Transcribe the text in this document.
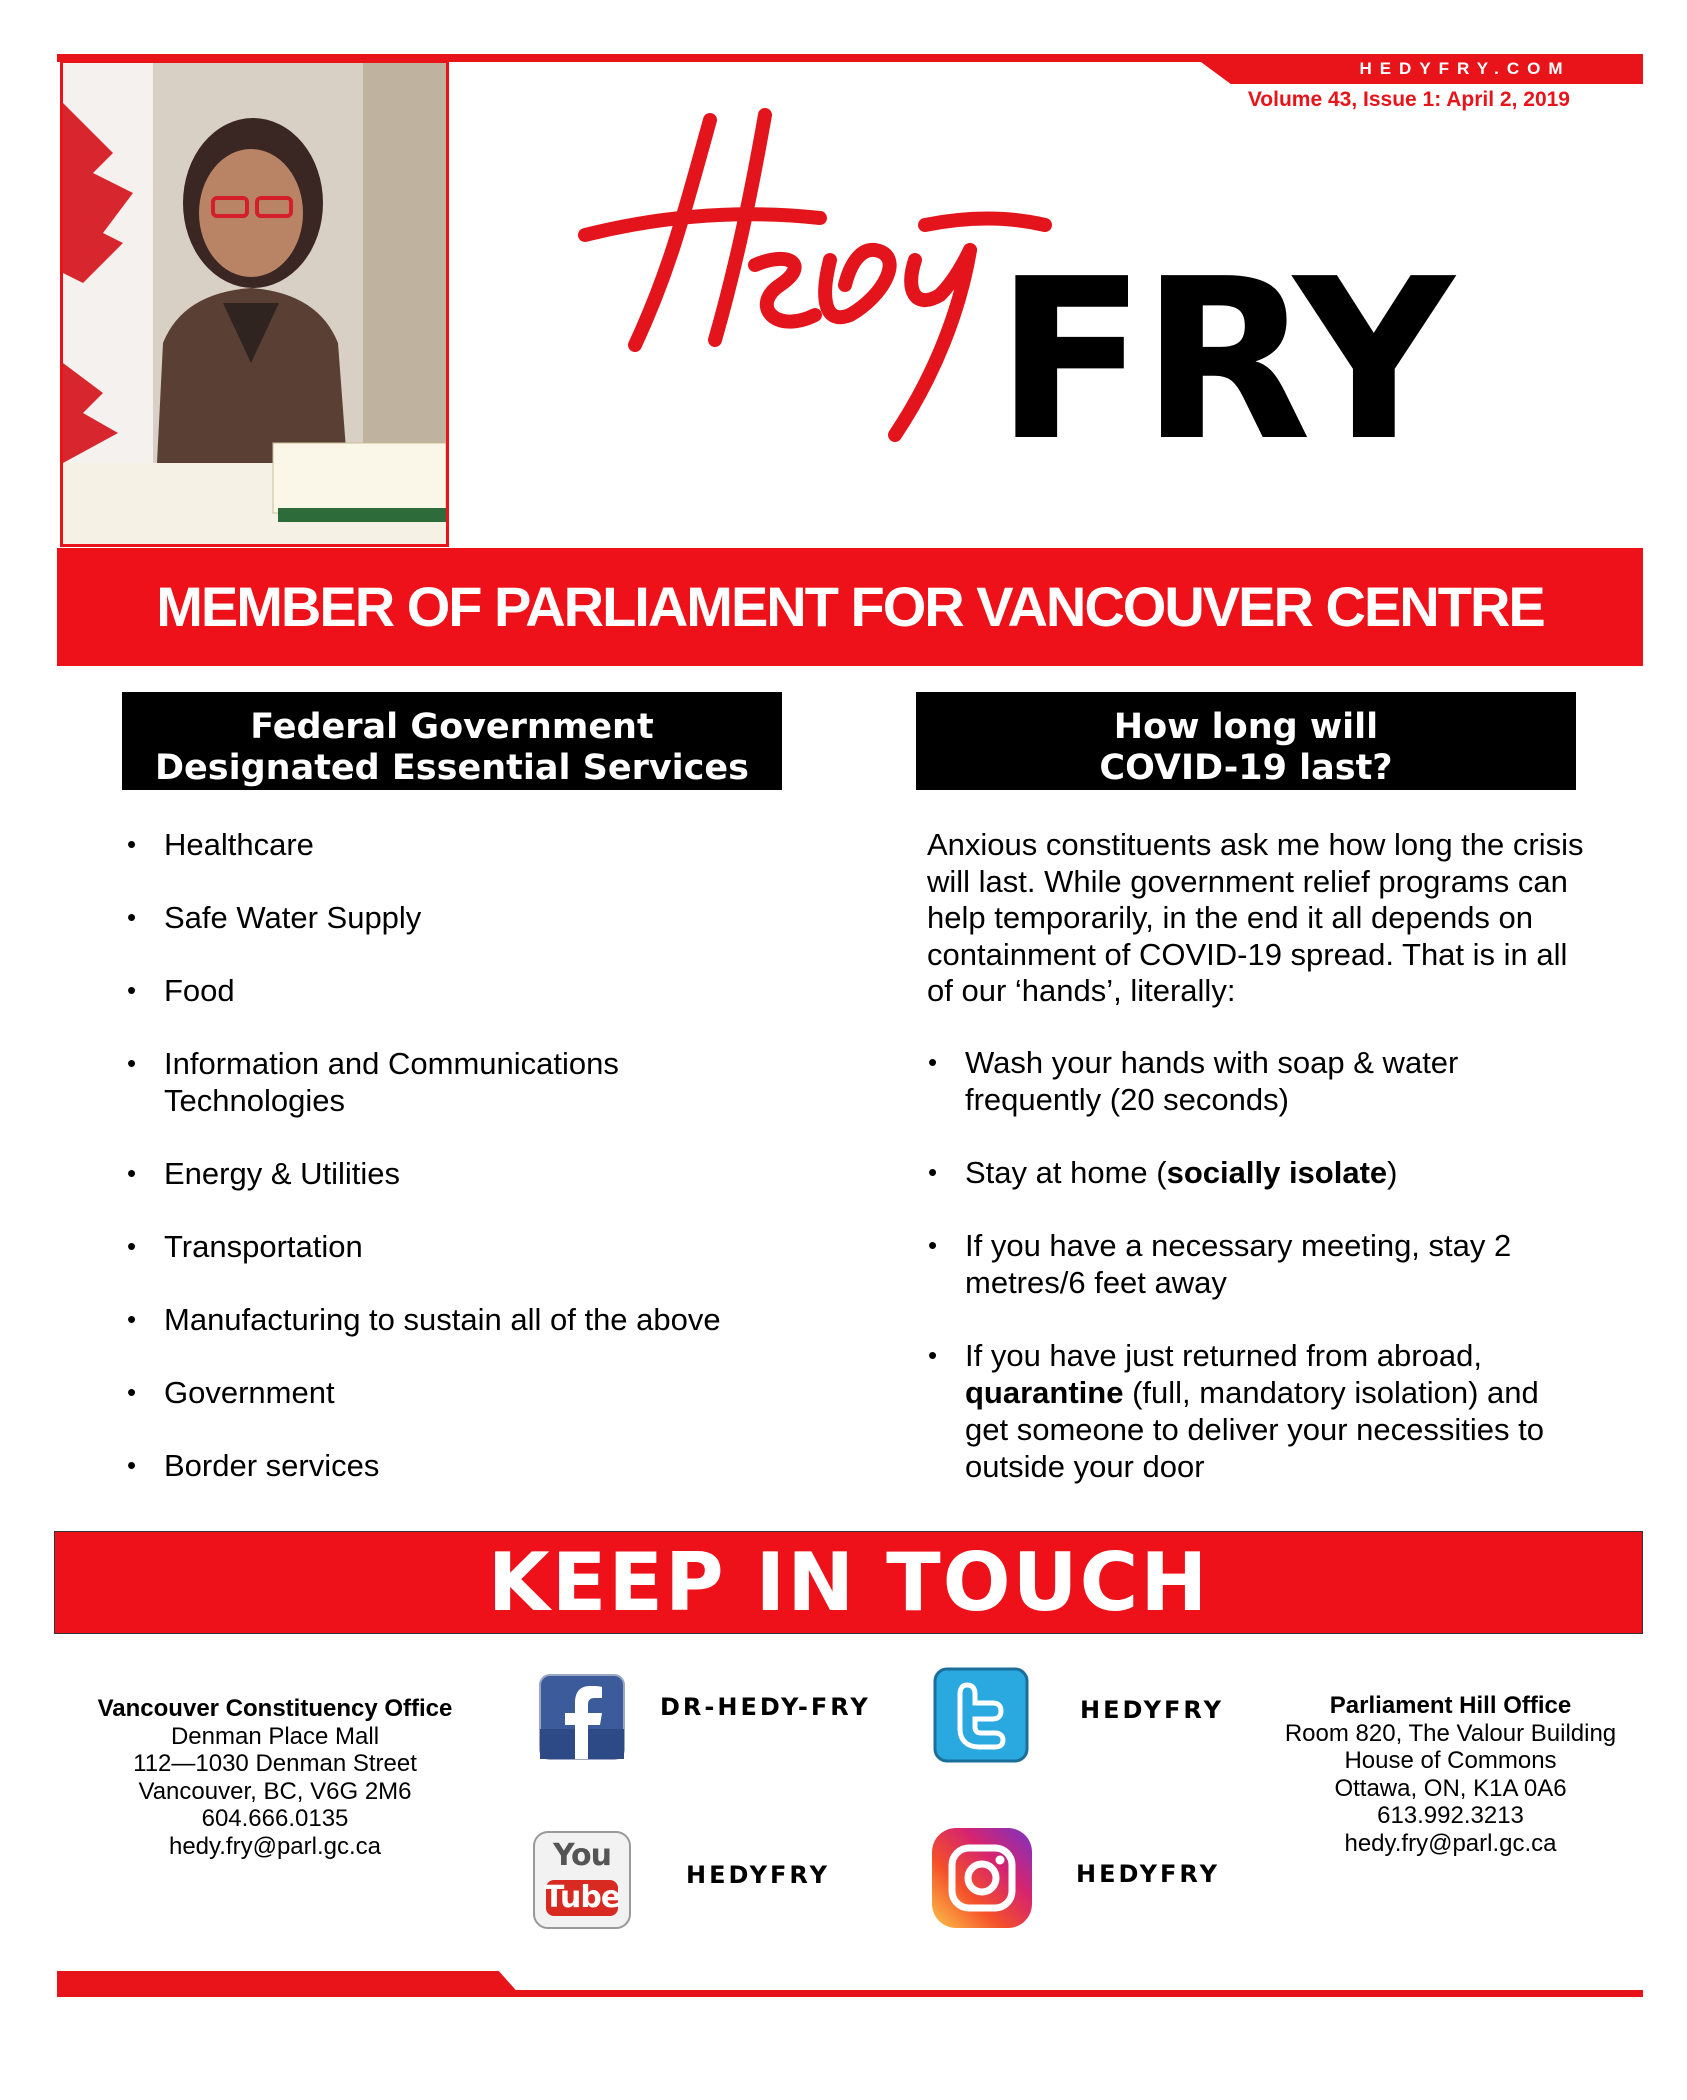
HEDYFRY.COM
Volume 43, Issue 1: April 2, 2019
FRY
MEMBER OF PARLIAMENT FOR VANCOUVER CENTRE
Federal Government
Designated Essential Services
• Healthcare
• Safe Water Supply
• Food
• Information and Communications
Technologies
• Energy & Utilities
• Transportation
• Manufacturing to sustain all of the above
• Government
• Border services
How long will
COVID-19 last?
Anxious constituents ask me how long the crisis will last. While government relief programs can help temporarily, in the end it all depends on containment of COVID-19 spread. That is in all of our ‘hands’, literally:
• Wash your hands with soap & water frequently (20 seconds)
• Stay at home (socially isolate)
• If you have a necessary meeting, stay 2 metres/6 feet away
• If you have just returned from abroad, quarantine (full, mandatory isolation) and get someone to deliver your necessities to outside your door
KEEP IN TOUCH
Vancouver Constituency Office
Denman Place Mall
112—1030 Denman Street
Vancouver, BC, V6G 2M6
604.666.0135
hedy.fry@parl.gc.ca
Parliament Hill Office
Room 820, The Valour Building
House of Commons
Ottawa, ON, K1A 0A6
613.992.3213
hedy.fry@parl.gc.ca
DR-HEDY-FRY	HEDYFRY
You
Tube
HEDYFRY	HEDYFRY
